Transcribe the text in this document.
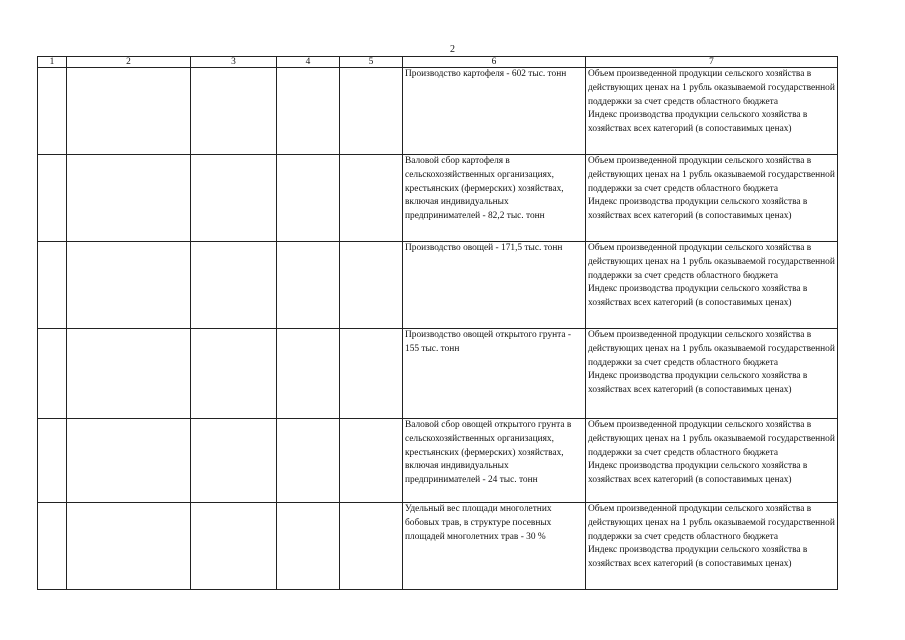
2
1	2	3	4	5	6	7
					Производство картофеля - 602 тыс. тонн	Объем произведенной продукции сельского хозяйства в действующих ценах на 1 рубль оказываемой государственной поддержки за счет средств областного бюджета
Индекс производства продукции сельского хозяйства в хозяйствах всех категорий (в сопоставимых ценах)
					Валовой сбор картофеля в сельскохозяйственных организациях, крестьянских (фермерских) хозяйствах, включая индивидуальных предпринимателей - 82,2 тыс. тонн	Объем произведенной продукции сельского хозяйства в действующих ценах на 1 рубль оказываемой государственной поддержки за счет средств областного бюджета
Индекс производства продукции сельского хозяйства в хозяйствах всех категорий (в сопоставимых ценах)
					Производство овощей - 171,5 тыс. тонн	Объем произведенной продукции сельского хозяйства в действующих ценах на 1 рубль оказываемой государственной поддержки за счет средств областного бюджета
Индекс производства продукции сельского хозяйства в хозяйствах всех категорий (в сопоставимых ценах)
					Производство овощей открытого грунта - 155 тыс. тонн	Объем произведенной продукции сельского хозяйства в действующих ценах на 1 рубль оказываемой государственной поддержки за счет средств областного бюджета
Индекс производства продукции сельского хозяйства в хозяйствах всех категорий (в сопоставимых ценах)
					Валовой сбор овощей открытого грунта в сельскохозяйственных организациях, крестьянских (фермерских) хозяйствах, включая индивидуальных предпринимателей - 24 тыс. тонн	Объем произведенной продукции сельского хозяйства в действующих ценах на 1 рубль оказываемой государственной поддержки за счет средств областного бюджета
Индекс производства продукции сельского хозяйства в хозяйствах всех категорий (в сопоставимых ценах)
					Удельный вес площади многолетних бобовых трав, в структуре посевных площадей многолетних трав - 30 %	Объем произведенной продукции сельского хозяйства в действующих ценах на 1 рубль оказываемой государственной поддержки за счет средств областного бюджета
Индекс производства продукции сельского хозяйства в хозяйствах всех категорий (в сопоставимых ценах)
